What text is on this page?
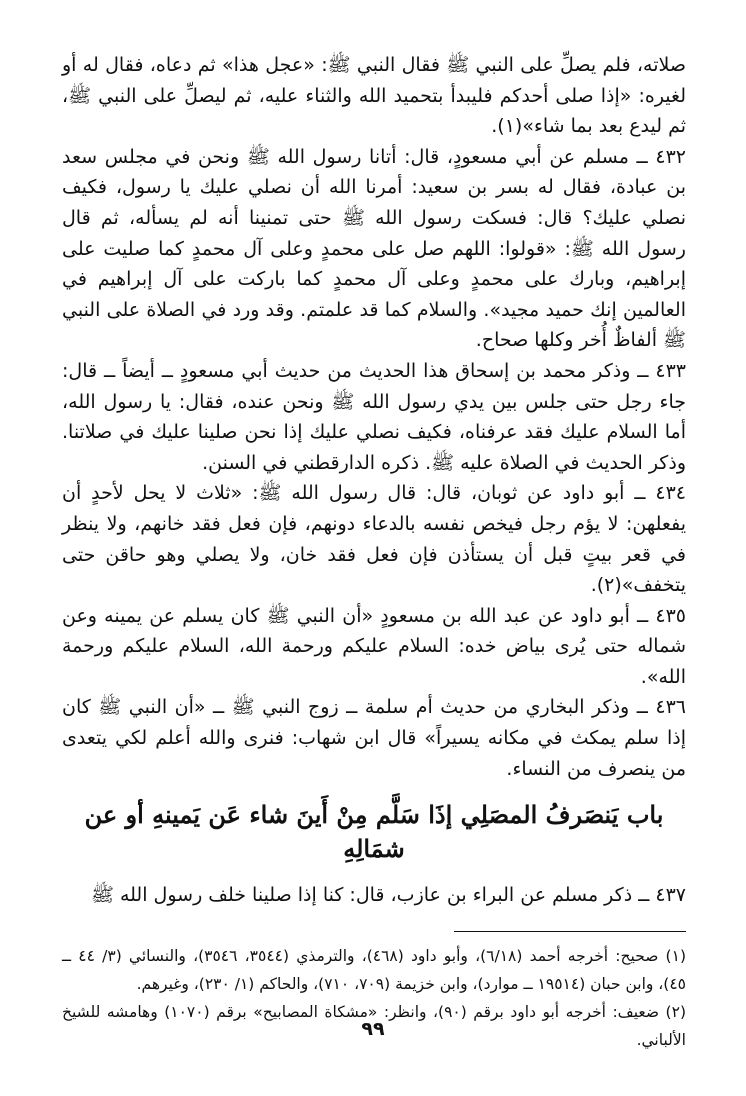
صلاته، فلم يصلِّ على النبي ﷺ فقال النبي ﷺ: «عجل هذا» ثم دعاه، فقال له أو لغيره: «إذا صلى أحدكم فليبدأ بتحميد الله والثناء عليه، ثم ليصلِّ على النبي ﷺ، ثم ليدع بعد بما شاء»(١).

٤٣٢ ــ مسلم عن أبي مسعودٍ، قال: أتانا رسول الله ﷺ ونحن في مجلس سعد بن عبادة، فقال له بسر بن سعيد: أمرنا الله أن نصلي عليك يا رسول، فكيف نصلي عليك؟ قال: فسكت رسول الله ﷺ حتى تمنينا أنه لم يسأله، ثم قال رسول الله ﷺ: «قولوا: اللهم صل على محمدٍ وعلى آل محمدٍ كما صليت على إبراهيم، وبارك على محمدٍ وعلى آل محمدٍ كما باركت على آل إبراهيم في العالمين إنك حميد مجيد». والسلام كما قد علمتم. وقد ورد في الصلاة على النبي ﷺ ألفاظٌ أُخر وكلها صحاح.

٤٣٣ ــ وذكر محمد بن إسحاق هذا الحديث من حديث أبي مسعودٍ ــ أيضاً ــ قال: جاء رجل حتى جلس بين يدي رسول الله ﷺ ونحن عنده، فقال: يا رسول الله، أما السلام عليك فقد عرفناه، فكيف نصلي عليك إذا نحن صلينا عليك في صلاتنا. وذكر الحديث في الصلاة عليه ﷺ. ذكره الدارقطني في السنن.

٤٣٤ ــ أبو داود عن ثوبان، قال: قال رسول الله ﷺ: «ثلاث لا يحل لأحدٍ أن يفعلهن: لا يؤم رجل فيخص نفسه بالدعاء دونهم، فإن فعل فقد خانهم، ولا ينظر في قعر بيتٍ قبل أن يستأذن فإن فعل فقد خان، ولا يصلي وهو حاقن حتى يتخفف»(٢).

٤٣٥ ــ أبو داود عن عبد الله بن مسعودٍ «أن النبي ﷺ كان يسلم عن يمينه وعن شماله حتى يُرى بياض خده: السلام عليكم ورحمة الله، السلام عليكم ورحمة الله».

٤٣٦ ــ وذكر البخاري من حديث أم سلمة ــ زوج النبي ﷺ ــ «أن النبي ﷺ كان إذا سلم يمكث في مكانه يسيراً» قال ابن شهاب: فنرى والله أعلم لكي يتعدى من ينصرف من النساء.

باب يَنصَرفُ المصَلِي إذَا سَلَّم مِنْ أَينَ شاء عَن يَمينهِ أو عن شمَالِهِ

٤٣٧ ــ ذكر مسلم عن البراء بن عازب، قال: كنا إذا صلينا خلف رسول الله ﷺ

(١) صحيح: أخرجه أحمد (٦/١٨)، وأبو داود (٤٦٨)، والترمذي (٣٥٤٤، ٣٥٤٦)، والنسائي (٣/ ٤٤ ــ ٤٥)، وابن حبان (١٩٥١٤ ــ موارد)، وابن خزيمة (٧٠٩، ٧١٠)، والحاكم (١/ ٢٣٠)، وغيرهم.

(٢) ضعيف: أخرجه أبو داود برقم (٩٠)، وانظر: «مشكاة المصابيح» برقم (١٠٧٠) وهامشه للشيخ الألباني.

٩٩
